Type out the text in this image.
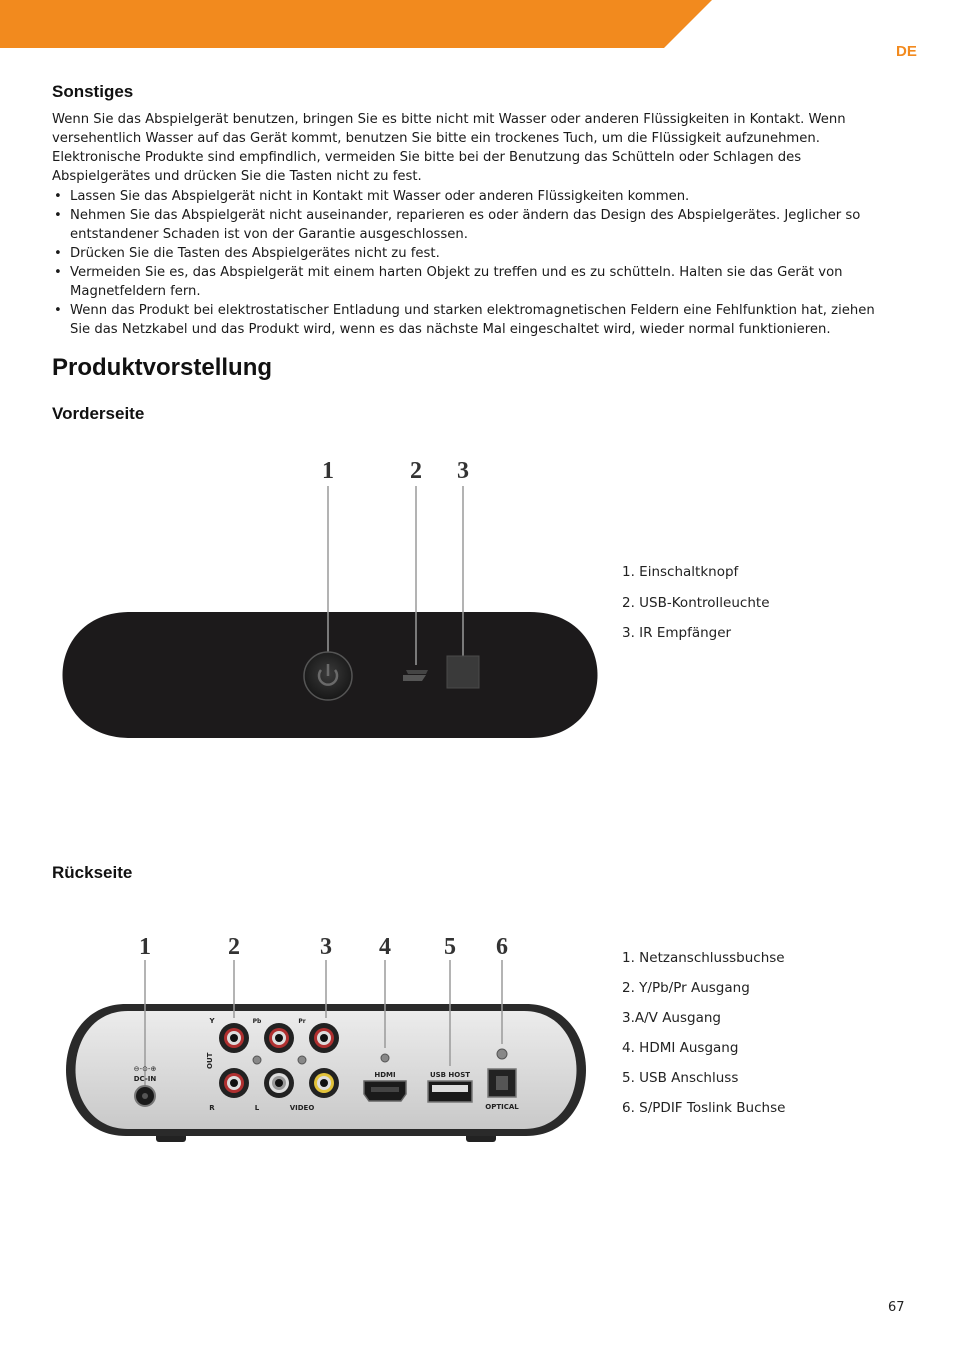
DE
Sonstiges
Wenn Sie das Abspielgerät benutzen, bringen Sie es bitte nicht mit Wasser oder anderen Flüssigkeiten in Kontakt. Wenn
versehentlich Wasser auf das Gerät kommt, benutzen Sie bitte ein trockenes Tuch, um die Flüssigkeit aufzunehmen.
Elektronische Produkte sind empfindlich, vermeiden Sie bitte bei der Benutzung das Schütteln oder Schlagen des
Abspielgerätes und drücken Sie die Tasten nicht zu fest.
• Lassen Sie das Abspielgerät nicht in Kontakt mit Wasser oder anderen Flüssigkeiten kommen.
• Nehmen Sie das Abspielgerät nicht auseinander, reparieren es oder ändern das Design des Abspielgerätes. Jeglicher so
entstandener Schaden ist von der Garantie ausgeschlossen.
• Drücken Sie die Tasten des Abspielgerätes nicht zu fest.
• Vermeiden Sie es, das Abspielgerät mit einem harten Objekt zu treffen und es zu schütteln. Halten sie das Gerät von
Magnetfeldern fern.
• Wenn das Produkt bei elektrostatischer Entladung und starken elektromagnetischen Feldern eine Fehlfunktion hat, ziehen
Sie das Netzkabel und das Produkt wird, wenn es das nächste Mal eingeschaltet wird, wieder normal funktionieren.
Produktvorstellung
Vorderseite
1	2 3
1. Einschaltknopf
2. USB-Kontrolleuchte
3. IR Empfänger
Rückseite
1	2	3 4 5 6
⊖-⊙-⊕
DC-IN
Y	Pb	Pr
OUT
R	L	VIDEO
HDMI	USB HOST
OPTICAL
1. Netzanschlussbuchse
2. Y/Pb/Pr Ausgang
3.A/V Ausgang
4. HDMI Ausgang
5. USB Anschluss
6. S/PDIF Toslink Buchse
67
